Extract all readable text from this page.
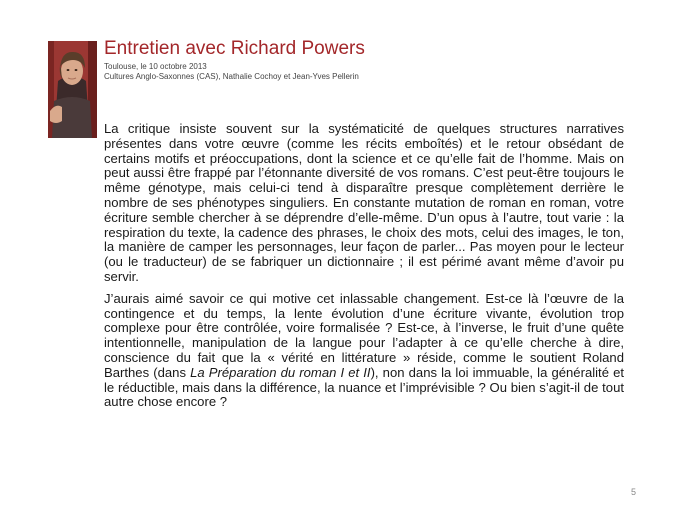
Entretien avec Richard Powers
Toulouse, le 10 octobre 2013
Cultures Anglo-Saxonnes (CAS), Nathalie Cochoy et Jean-Yves Pellerin

La critique insiste souvent sur la systématicité de quelques structures narratives présentes dans votre œuvre (comme les récits emboîtés) et le retour obsédant de certains motifs et préoccupations, dont la science et ce qu’elle fait de l’homme. Mais on peut aussi être frappé par l’étonnante diversité de vos romans. C’est peut-être toujours le même génotype, mais celui-ci tend à disparaître presque complètement derrière le nombre de ses phénotypes singuliers. En constante mutation de roman en roman, votre écriture semble chercher à se déprendre d’elle-même. D’un opus à l’autre, tout varie : la respiration du texte, la cadence des phrases, le choix des mots, celui des images, le ton, la manière de camper les personnages, leur façon de parler... Pas moyen pour le lecteur (ou le traducteur) de se fabriquer un dictionnaire ; il est périmé avant même d’avoir pu servir.

J’aurais aimé savoir ce qui motive cet inlassable changement. Est-ce là l’œuvre de la contingence et du temps, la lente évolution d’une écriture vivante, évolution trop complexe pour être contrôlée, voire formalisée ? Est-ce, à l’inverse, le fruit d’une quête intentionnelle, manipulation de la langue pour l’adapter à ce qu’elle cherche à dire, conscience du fait que la « vérité en littérature » réside, comme le soutient Roland Barthes (dans La Préparation du roman I et II), non dans la loi immuable, la généralité et le réductible, mais dans la différence, la nuance et l’imprévisible ? Ou bien s’agit-il de tout autre chose encore ?

5
